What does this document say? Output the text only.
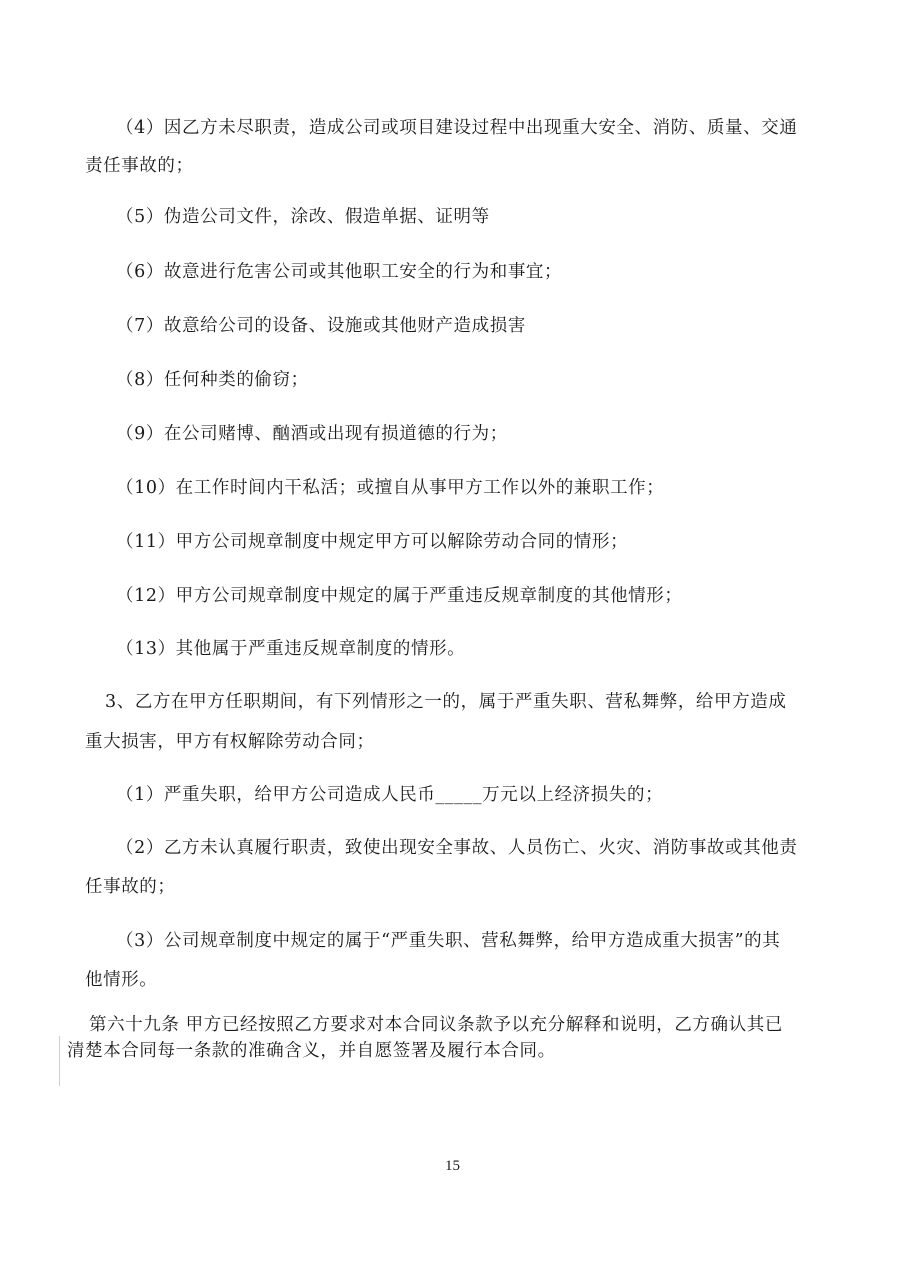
（4）因乙方未尽职责，造成公司或项目建设过程中出现重大安全、消防、质量、交通
责任事故的；
（5）伪造公司文件，涂改、假造单据、证明等
（6）故意进行危害公司或其他职工安全的行为和事宜；
（7）故意给公司的设备、设施或其他财产造成损害
（8）任何种类的偷窃；
（9）在公司赌博、酗酒或出现有损道德的行为；
（10）在工作时间内干私活；或擅自从事甲方工作以外的兼职工作；
（11）甲方公司规章制度中规定甲方可以解除劳动合同的情形；
（12）甲方公司规章制度中规定的属于严重违反规章制度的其他情形；
（13）其他属于严重违反规章制度的情形。
3、乙方在甲方任职期间，有下列情形之一的，属于严重失职、营私舞弊，给甲方造成
重大损害，甲方有权解除劳动合同；
（1）严重失职，给甲方公司造成人民币_____万元以上经济损失的；
（2）乙方未认真履行职责，致使出现安全事故、人员伤亡、火灾、消防事故或其他责
任事故的；
（3）公司规章制度中规定的属于“严重失职、营私舞弊，给甲方造成重大损害”的其
他情形。
第六十九条 甲方已经按照乙方要求对本合同议条款予以充分解释和说明，乙方确认其已
清楚本合同每一条款的准确含义，并自愿签署及履行本合同。
15
